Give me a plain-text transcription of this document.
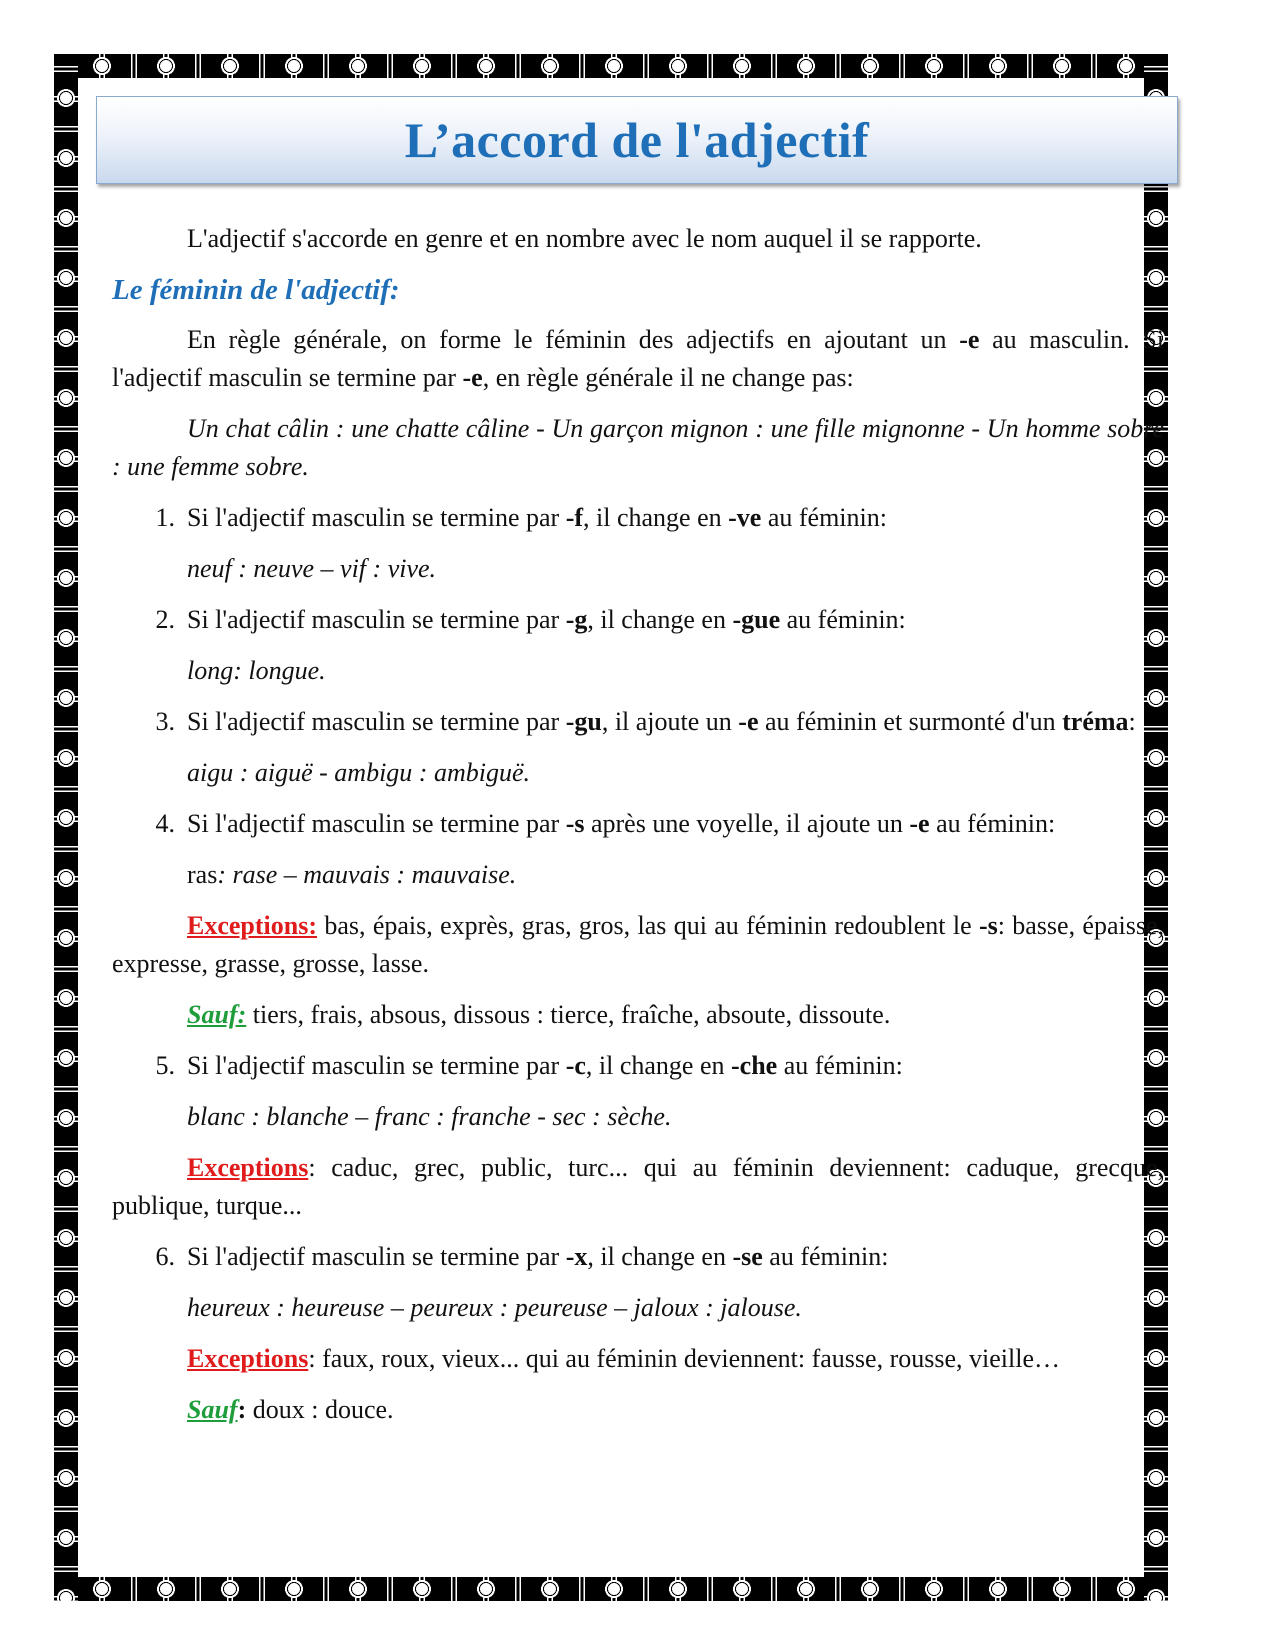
L’accord de l'adjectif

L'adjectif s'accorde en genre et en nombre avec le nom auquel il se rapporte.

Le féminin de l'adjectif:

En règle générale, on forme le féminin des adjectifs en ajoutant un -e au masculin. Si l'adjectif masculin se termine par -e, en règle générale il ne change pas:

Un chat câlin : une chatte câline - Un garçon mignon : une fille mignonne - Un homme sobre : une femme sobre.

1. Si l'adjectif masculin se termine par -f, il change en -ve au féminin:

neuf : neuve – vif : vive.

2. Si l'adjectif masculin se termine par -g, il change en -gue au féminin:

long: longue.

3. Si l'adjectif masculin se termine par -gu, il ajoute un -e au féminin et surmonté d'un tréma:

aigu : aiguë - ambigu : ambiguë.

4. Si l'adjectif masculin se termine par -s après une voyelle, il ajoute un -e au féminin:

ras: rase – mauvais : mauvaise.

Exceptions: bas, épais, exprès, gras, gros, las qui au féminin redoublent le -s: basse, épaisse, expresse, grasse, grosse, lasse.

Sauf: tiers, frais, absous, dissous : tierce, fraîche, absoute, dissoute.

5. Si l'adjectif masculin se termine par -c, il change en -che au féminin:

blanc : blanche – franc : franche - sec : sèche.

Exceptions: caduc, grec, public, turc... qui au féminin deviennent: caduque, grecque, publique, turque...

6. Si l'adjectif masculin se termine par -x, il change en -se au féminin:

heureux : heureuse – peureux : peureuse – jaloux : jalouse.

Exceptions: faux, roux, vieux... qui au féminin deviennent: fausse, rousse, vieille…

Sauf: doux : douce.
